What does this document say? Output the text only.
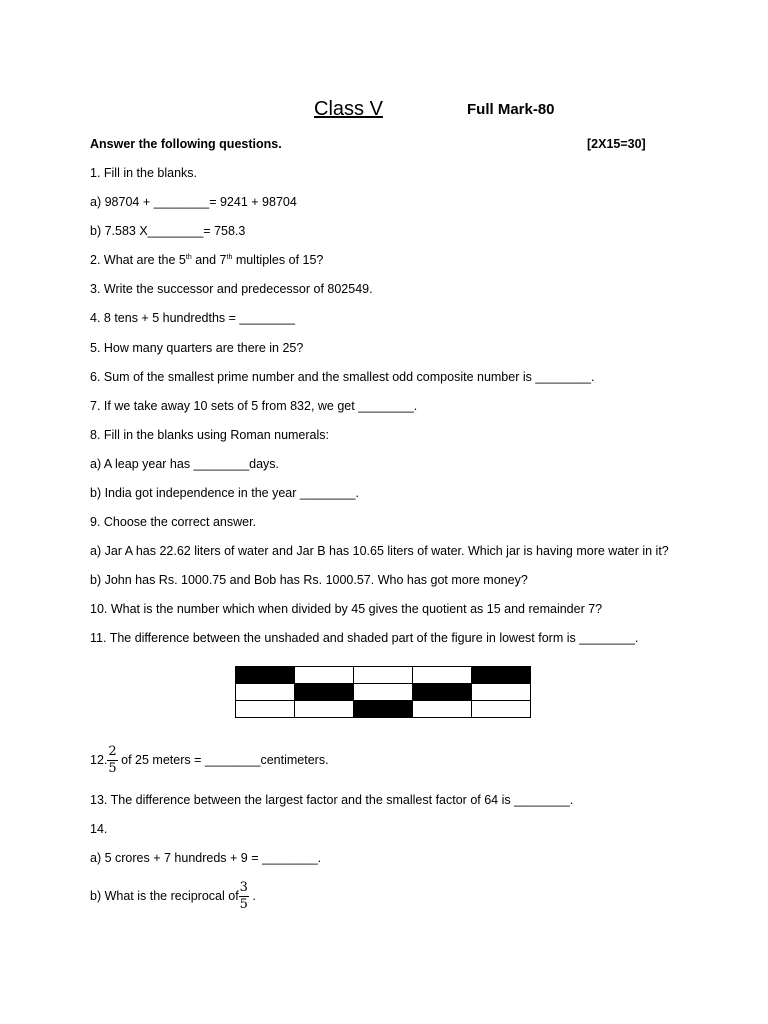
Class V	Full Mark-80
Answer the following questions.	[2X15=30]
1. Fill in the blanks.
a) 98704 + ________= 9241 + 98704
b) 7.583 X________= 758.3
2. What are the 5th and 7th multiples of 15?
3. Write the successor and predecessor of 802549.
4. 8 tens + 5 hundredths = ________
5. How many quarters are there in 25?
6. Sum of the smallest prime number and the smallest odd composite number is ________.
7. If we take away 10 sets of 5 from 832, we get ________.
8. Fill in the blanks using Roman numerals:
a) A leap year has ________days.
b) India got independence in the year ________.
9. Choose the correct answer.
a) Jar A has 22.62 liters of water and Jar B has 10.65 liters of water. Which jar is having more water in it?
b) John has Rs. 1000.75 and Bob has Rs. 1000.57. Who has got more money?
10. What is the number which when divided by 45 gives the quotient as 15 and remainder 7?
11. The difference between the unshaded and shaded part of the figure in lowest form is ________.

12. $\frac{2}{5}$ of 25 meters = ________centimeters.
13. The difference between the largest factor and the smallest factor of 64 is ________.
14.
a) 5 crores + 7 hundreds + 9 = ________.
b) What is the reciprocal of $\frac{3}{5}$ .
